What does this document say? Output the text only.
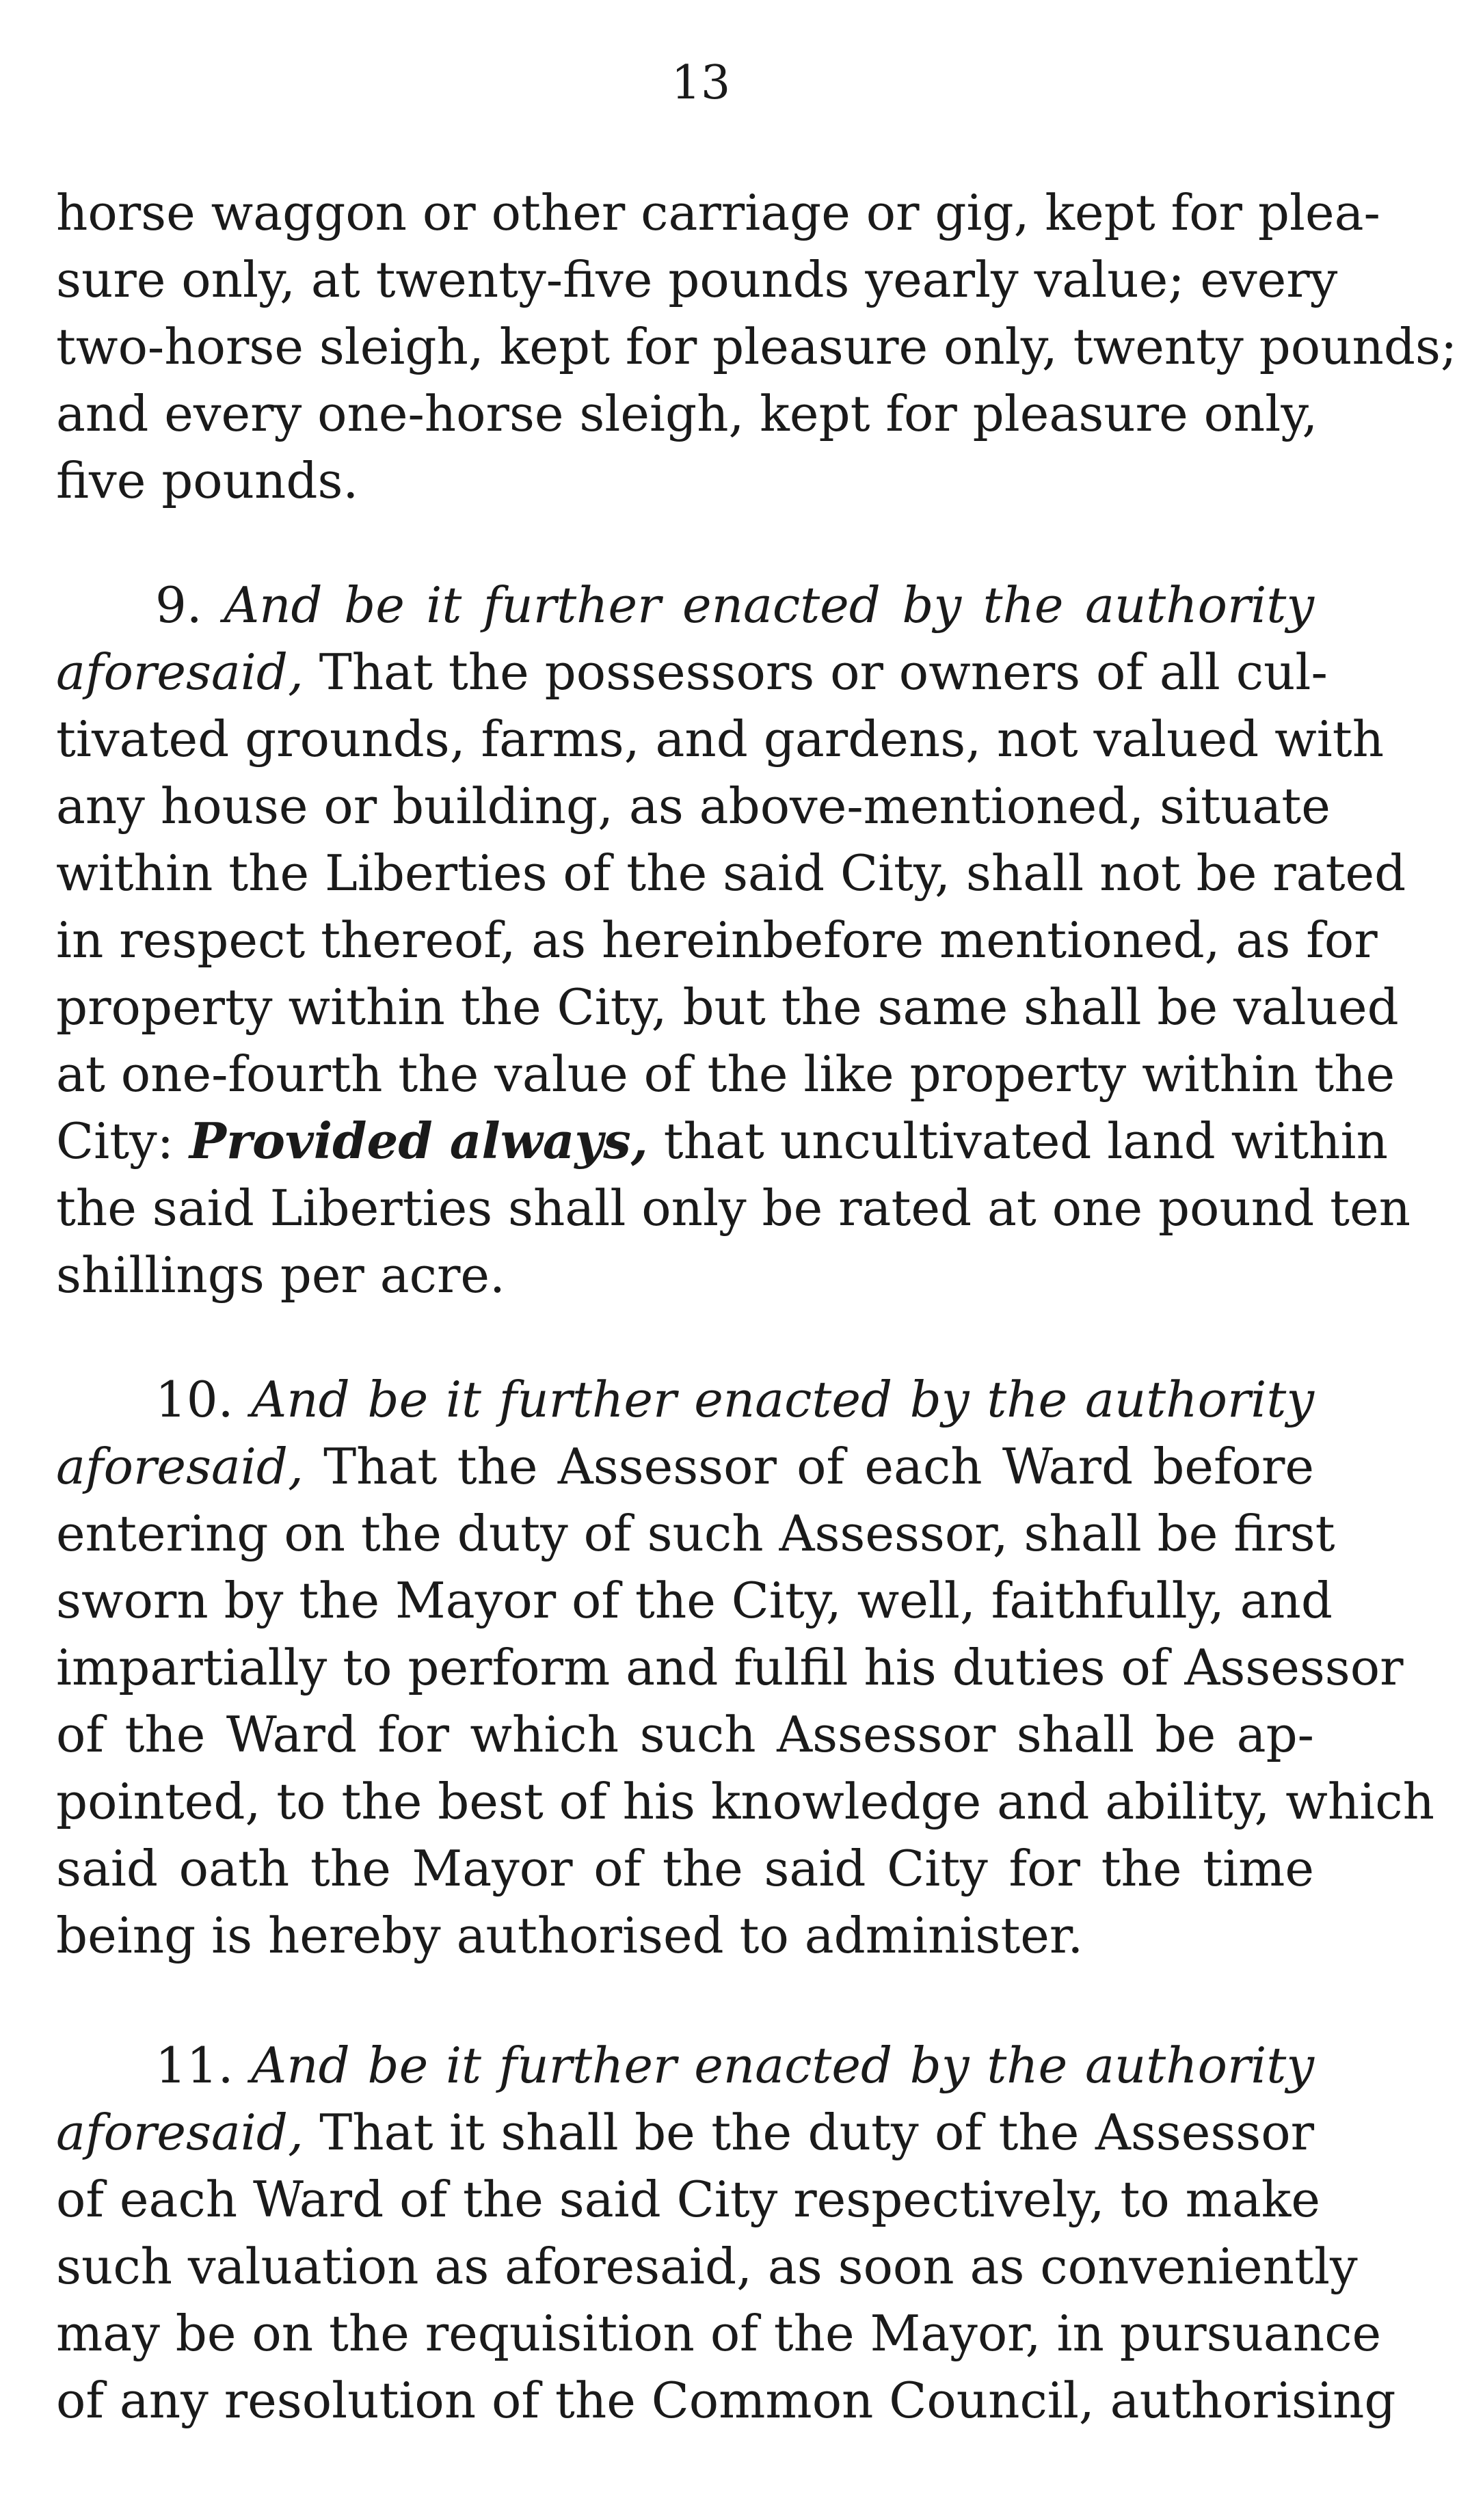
13
horse waggon or other carriage or gig, kept for plea-
sure only, at twenty-five pounds yearly value; every
two-horse sleigh, kept for pleasure only, twenty pounds;
and every one-horse sleigh, kept for pleasure only,
five pounds.
9. And be it further enacted by the authority
aforesaid, That the possessors or owners of all cul-
tivated grounds, farms, and gardens, not valued with
any house or building, as above-mentioned, situate
within the Liberties of the said City, shall not be rated
in respect thereof, as hereinbefore mentioned, as for
property within the City, but the same shall be valued
at one-fourth the value of the like property within the
City: Provided always, that uncultivated land within
the said Liberties shall only be rated at one pound ten
shillings per acre.
10. And be it further enacted by the authority
aforesaid, That the Assessor of each Ward before
entering on the duty of such Assessor, shall be first
sworn by the Mayor of the City, well, faithfully, and
impartially to perform and fulfil his duties of Assessor
of the Ward for which such Assessor shall be ap-
pointed, to the best of his knowledge and ability, which
said oath the Mayor of the said City for the time
being is hereby authorised to administer.
11. And be it further enacted by the authority
aforesaid, That it shall be the duty of the Assessor
of each Ward of the said City respectively, to make
such valuation as aforesaid, as soon as conveniently
may be on the requisition of the Mayor, in pursuance
of any resolution of the Common Council, authorising
